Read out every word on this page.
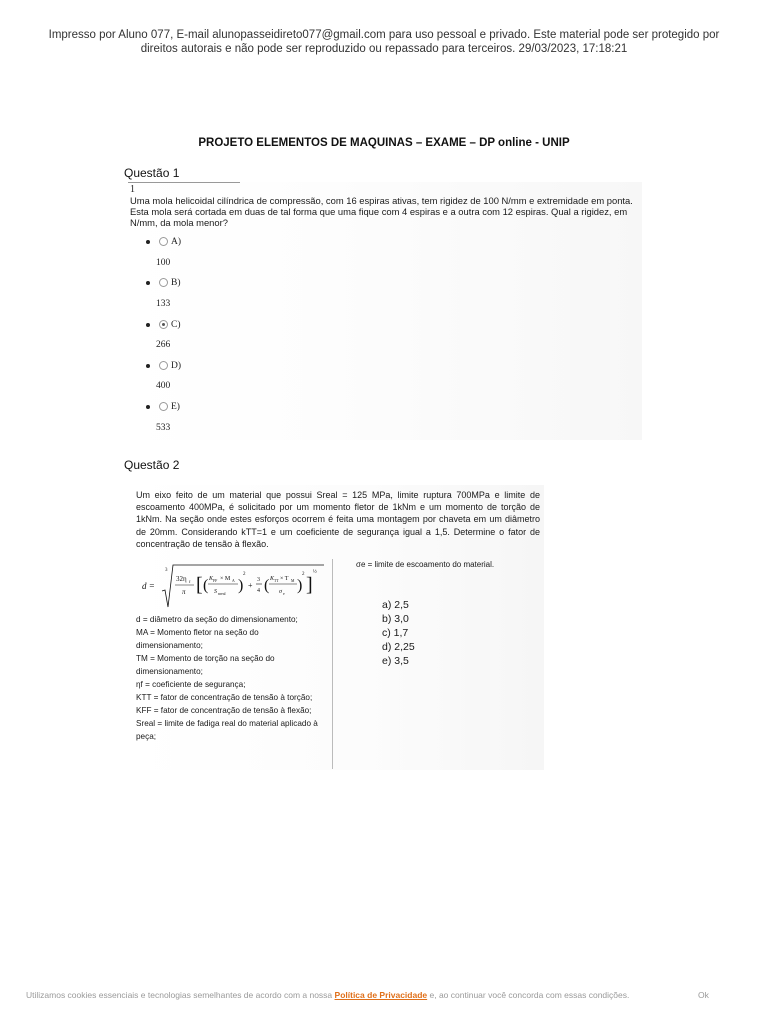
Impresso por Aluno 077, E-mail alunopasseidireto077@gmail.com para uso pessoal e privado. Este material pode ser protegido por direitos autorais e não pode ser reproduzido ou repassado para terceiros. 29/03/2023, 17:18:21
PROJETO ELEMENTOS DE MAQUINAS – EXAME – DP online - UNIP
Questão 1
1
Uma mola helicoidal cilíndrica de compressão, com 16 espiras ativas, tem rigidez de 100 N/mm e extremidade em ponta. Esta mola será cortada em duas de tal forma que uma fique com 4 espiras e a outra com 12 espiras. Qual a rigidez, em N/mm, da mola menor?
A)
100
B)
133
C)
266
D)
400
E)
533
Questão 2
Um eixo feito de um material que possui Sreal = 125 MPa, limite ruptura 700MPa e limite de escoamento 400MPa, é solicitado por um momento fletor de 1kNm e um momento de torção de 1kNm. Na seção onde estes esforços ocorrem é feita uma montagem por chaveta em um diâmetro de 20mm. Considerando kTT=1 e um coeficiente de segurança igual a 1,5. Determine o fator de concentração de tensão à flexão.
d =
3
32η f
π [ ( K FF × M A
S nreal )
2
+
3
4 ( K TT × T M
σ e )
2 ]
½
d = diâmetro da seção do dimensionamento;
MA = Momento fletor na seção do dimensionamento;
TM = Momento de torção na seção do dimensionamento;
ηf = coeficiente de segurança;
KTT = fator de concentração de tensão à torção;
KFF = fator de concentração de tensão à flexão;
Sreal = limite de fadiga real do material aplicado à peça;
σe = limite de escoamento do material.
a) 2,5
b) 3,0
c) 1,7
d) 2,25
e) 3,5
Utilizamos cookies essenciais e tecnologias semelhantes de acordo com a nossa Política de Privacidade e, ao continuar você concorda com essas condições.	Ok
